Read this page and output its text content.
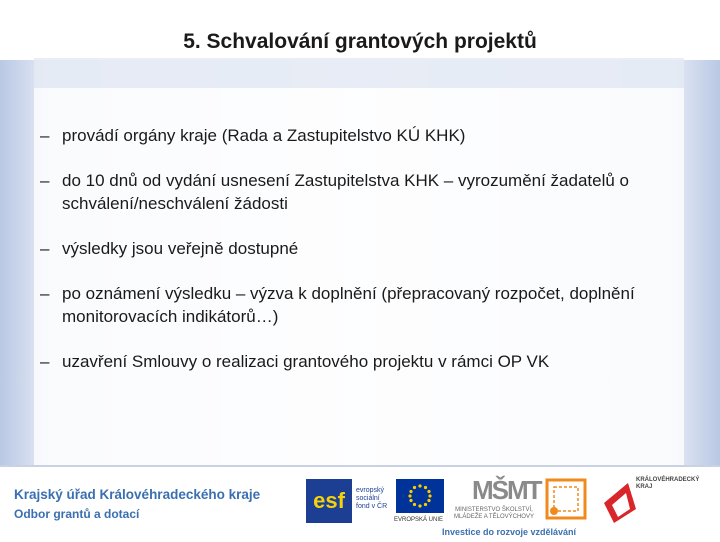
5. Schvalování grantových projektů
– provádí orgány kraje (Rada a Zastupitelstvo KÚ KHK)
– do 10 dnů od vydání usnesení Zastupitelstva KHK – vyrozumění žadatelů o schválení/neschválení žádosti
– výsledky jsou veřejně dostupné
– po oznámení výsledku – výzva k doplnění (přepracovaný rozpočet, doplnění monitorovacích indikátorů…)
– uzavření Smlouvy o realizaci grantového projektu v rámci OP VK
Krajský úřad Královéhradeckého kraje
Odbor grantů a dotací
esf	evropský sociální fond v ČR
EVROPSKÁ UNIE
MŠMT
MINISTERSTVO ŠKOLSTVÍ, MLÁDEŽE A TĚLOVÝCHOVY
KRÁLOVÉHRADECKÝ KRAJ
Investice do rozvoje vzdělávání
